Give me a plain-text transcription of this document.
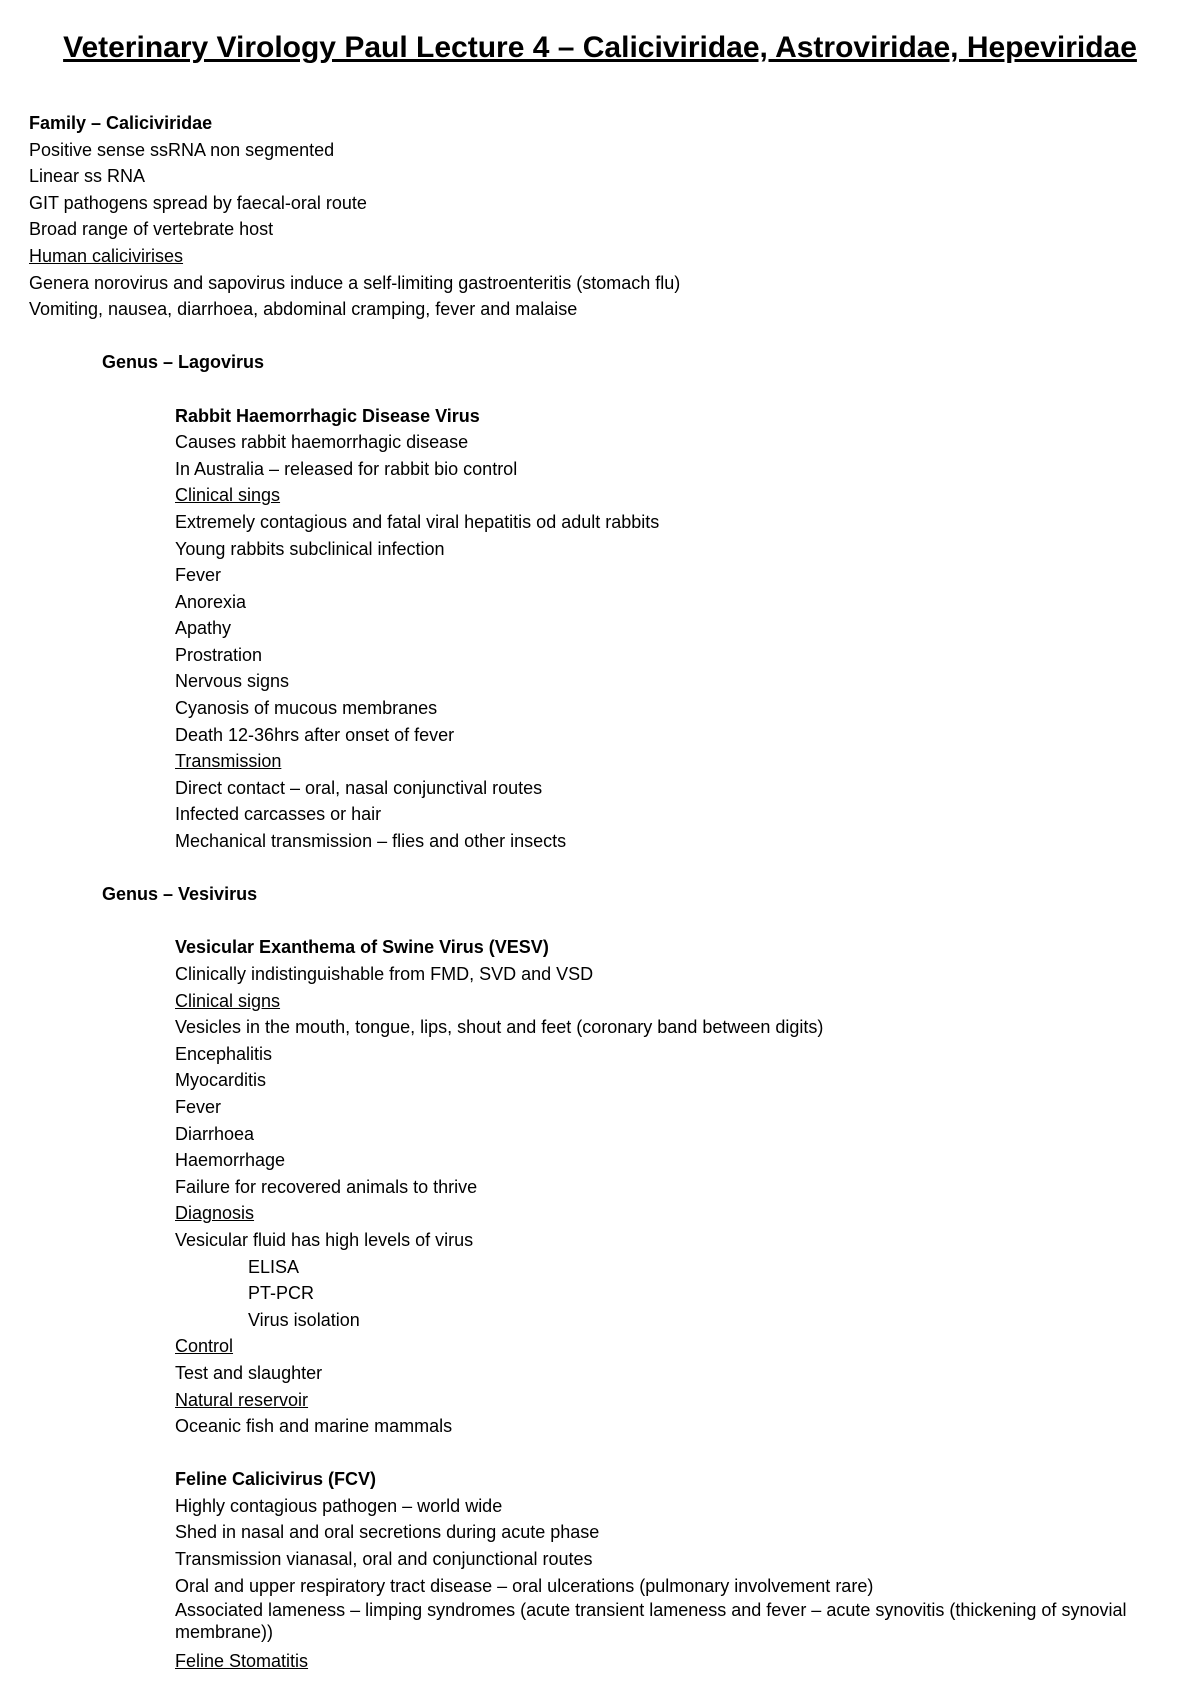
Veterinary Virology Paul Lecture 4 – Caliciviridae, Astroviridae, Hepeviridae

Family – Caliciviridae

Positive sense ssRNA non segmented

Linear ss RNA

GIT pathogens spread by faecal-oral route

Broad range of vertebrate host

Human calicivirises

Genera norovirus and sapovirus induce a self-limiting gastroenteritis (stomach flu)

Vomiting, nausea, diarrhoea, abdominal cramping, fever and malaise

Genus – Lagovirus

Rabbit Haemorrhagic Disease Virus

Causes rabbit haemorrhagic disease

In Australia – released for rabbit bio control

Clinical sings

Extremely contagious and fatal viral hepatitis od adult rabbits

Young rabbits subclinical infection

Fever

Anorexia

Apathy

Prostration

Nervous signs

Cyanosis of mucous membranes

Death 12-36hrs after onset of fever

Transmission

Direct contact – oral, nasal conjunctival routes

Infected carcasses or hair

Mechanical transmission – flies and other insects

Genus – Vesivirus

Vesicular Exanthema of Swine Virus (VESV)

Clinically indistinguishable from FMD, SVD and VSD

Clinical signs

Vesicles in the mouth, tongue, lips, shout and feet (coronary band between digits)

Encephalitis

Myocarditis

Fever

Diarrhoea

Haemorrhage

Failure for recovered animals to thrive

Diagnosis

Vesicular fluid has high levels of virus

ELISA

PT-PCR

Virus isolation

Control

Test and slaughter

Natural reservoir

Oceanic fish and marine mammals

Feline Calicivirus (FCV)

Highly contagious pathogen – world wide

Shed in nasal and oral secretions during acute phase

Transmission vianasal, oral and conjunctional routes

Oral and upper respiratory tract disease – oral ulcerations (pulmonary involvement rare)

Associated lameness – limping syndromes (acute transient lameness and fever – acute synovitis (thickening of synovial membrane))

Feline Stomatitis
